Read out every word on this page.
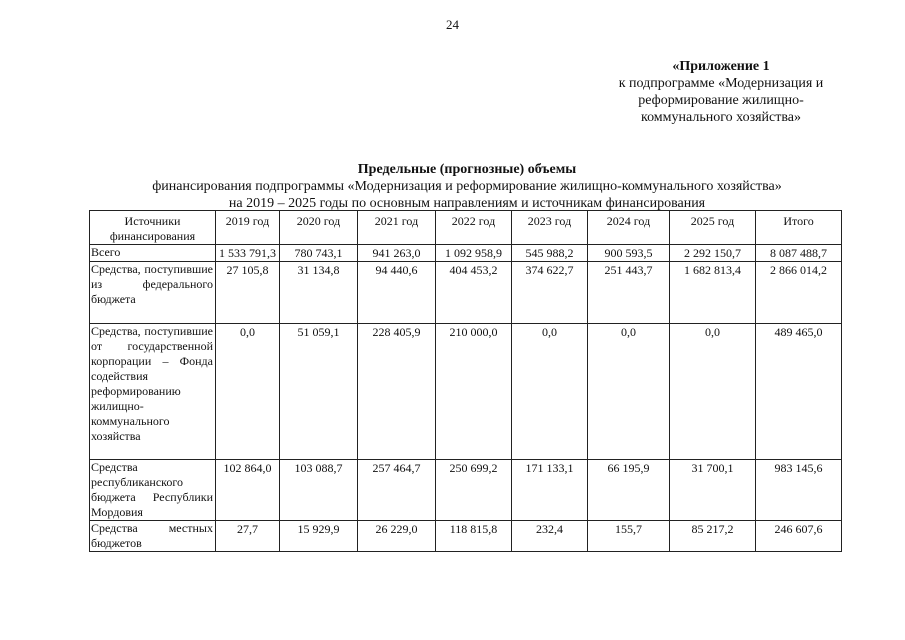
24
«Приложение 1
к подпрограмме «Модернизация и
реформирование жилищно-
коммунального хозяйства»
Предельные (прогнозные) объемы
финансирования подпрограммы «Модернизация и реформирование жилищно-коммунального хозяйства»
на 2019 – 2025 годы по основным направлениям и источникам финансирования
Источники финансирования	2019 год	2020 год	2021 год	2022 год	2023 год	2024 год	2025 год	Итого
Всего	1 533 791,3	780 743,1	941 263,0	1 092 958,9	545 988,2	900 593,5	2 292 150,7	8 087 488,7
Средства, поступившие из федерального бюджета	27 105,8	31 134,8	94 440,6	404 453,2	374 622,7	251 443,7	1 682 813,4	2 866 014,2
Средства, поступившие от государственной корпорации – Фонда содействия реформированию жилищно-коммунального хозяйства	0,0	51 059,1	228 405,9	210 000,0	0,0	0,0	0,0	489 465,0
Средства республиканского бюджета Республики Мордовия	102 864,0	103 088,7	257 464,7	250 699,2	171 133,1	66 195,9	31 700,1	983 145,6
Средства местных бюджетов	27,7	15 929,9	26 229,0	118 815,8	232,4	155,7	85 217,2	246 607,6
